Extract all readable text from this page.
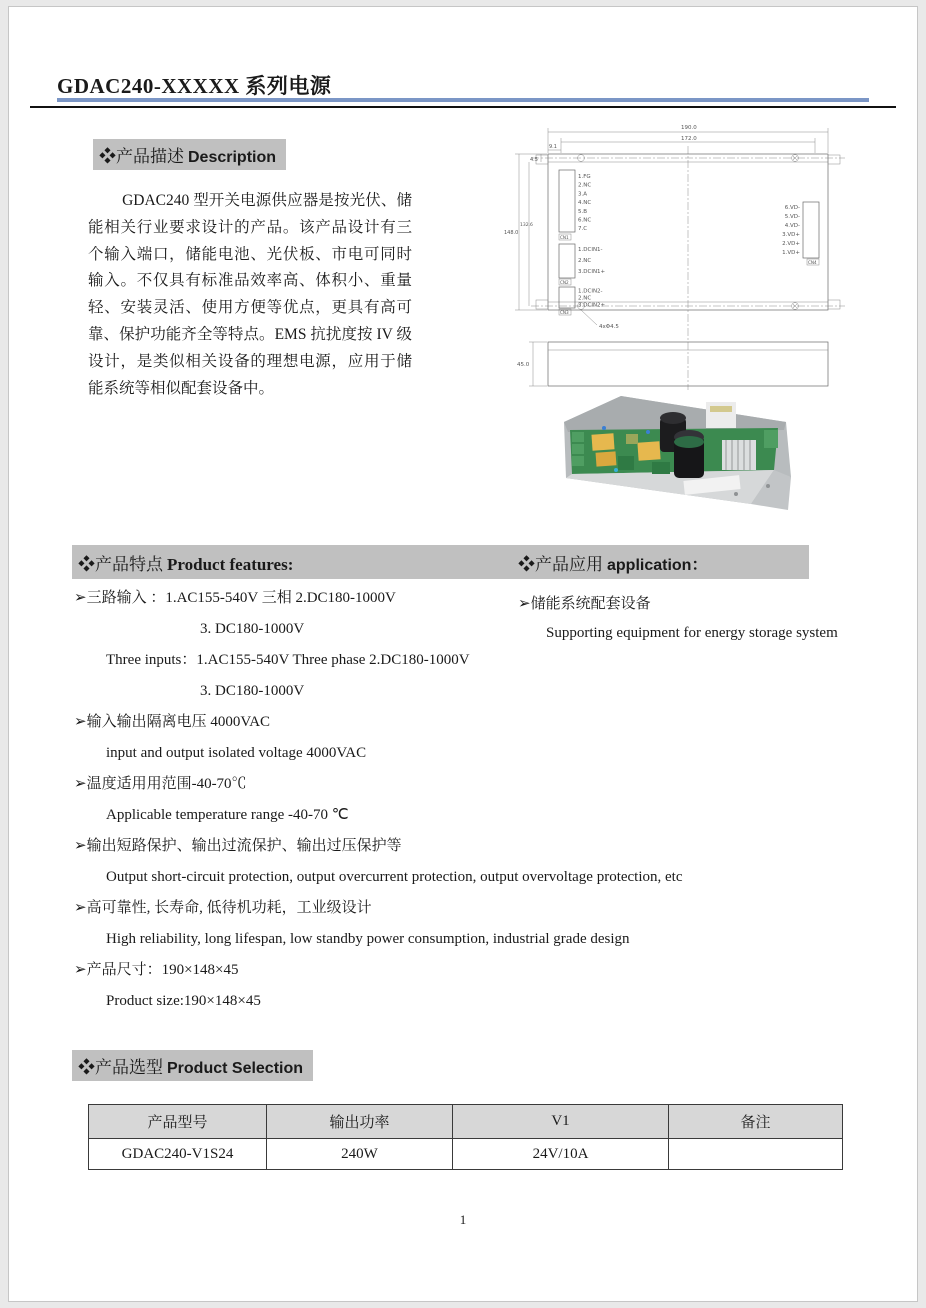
GDAC240-XXXXX 系列电源
❖产品描述 Description
GDAC240 型开关电源供应器是按光伏、储能相关行业要求设计的产品。该产品设计有三个输入端口，储能电池、光伏板、市电可同时输入。不仅具有标准品效率高、体积小、重量轻、安装灵活、使用方便等优点，更具有高可靠、保护功能齐全等特点。EMS 抗扰度按 IV 级设计，是类似相关设备的理想电源，应用于储能系统等相似配套设备中。
CN1
1.FG
2.NC
3.A
4.NC
5.B
6.NC
7.C
CN2
1.DCIN1-
2.NC
3.DCIN1+
CN3
1.DCIN2-
2.NC
3.DCIN2+
CN4
6.VD-
5.VD-
4.VD-
3.VD+
2.VD+
1.VD+
190.0
172.0
9.1
4.5
148.0
132.6
4xΦ4.5
45.0
❖产品特点 Product features:	❖产品应用 application：
➢三路输入 ：1.AC155-540V 三相 2.DC180-1000V
3. DC180-1000V
Three inputs：1.AC155-540V Three phase 2.DC180-1000V
3. DC180-1000V
➢输入输出隔离电压 4000VAC
input and output isolated voltage 4000VAC
➢温度适用用范围-40-70℃
Applicable temperature range -40-70 ℃
➢输出短路保护、输出过流保护、输出过压保护等
Output short-circuit protection, output overcurrent protection, output overvoltage protection, etc
➢高可靠性, 长寿命, 低待机功耗，工业级设计
High reliability, long lifespan, low standby power consumption, industrial grade design
➢产品尺寸：190×148×45
Product size:190×148×45
➢储能系统配套设备
Supporting equipment for energy storage system
❖产品选型 Product Selection
产品型号	输出功率	V1	备注
GDAC240-V1S24	240W	24V/10A	
1
